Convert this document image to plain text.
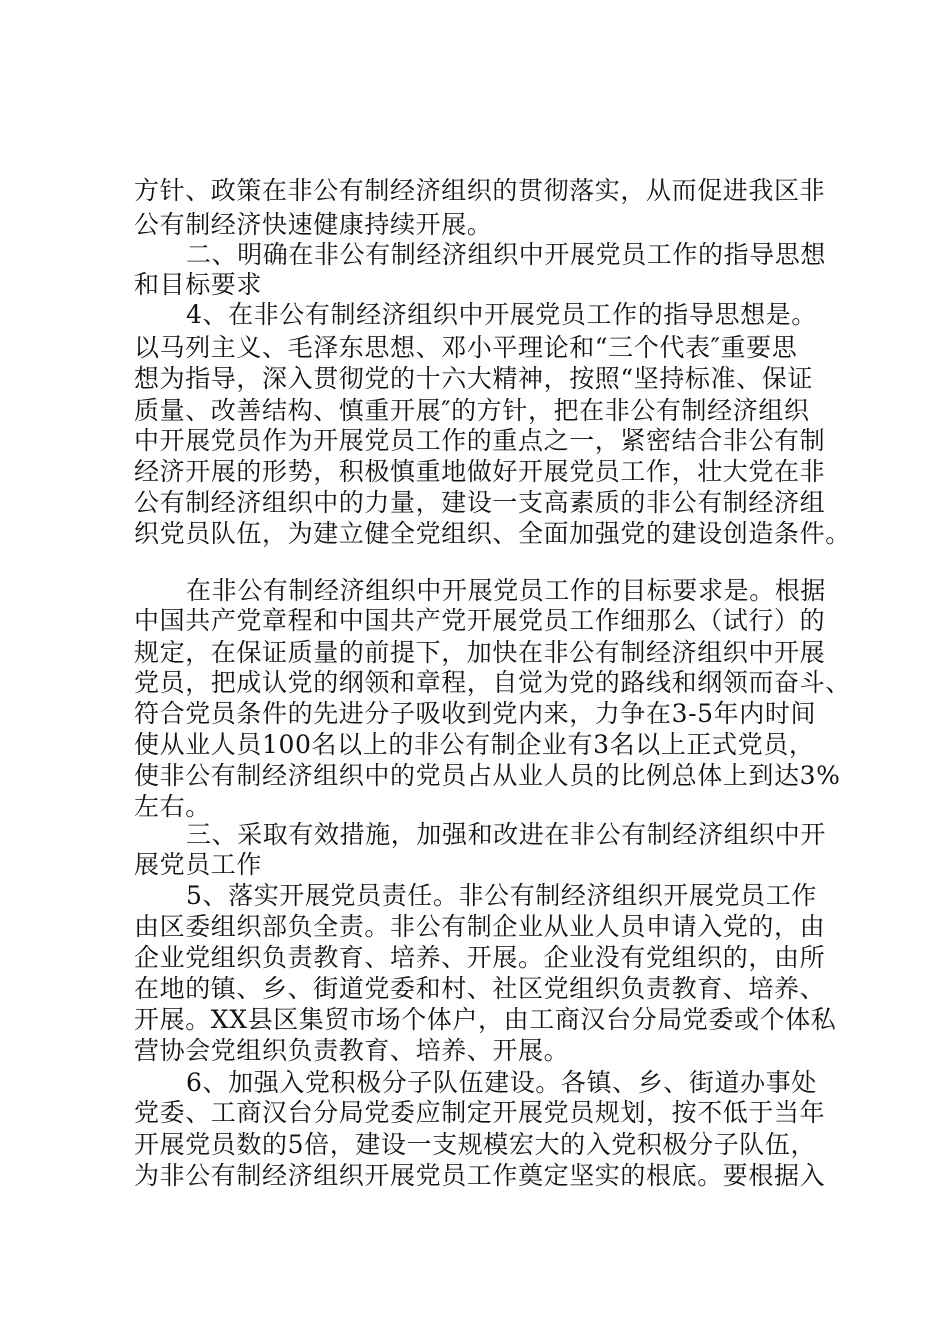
方针、政策在非公有制经济组织的贯彻落实，从而促进我区非
公有制经济快速健康持续开展。
二、明确在非公有制经济组织中开展党员工作的指导思想
和目标要求
4、在非公有制经济组织中开展党员工作的指导思想是。
以马列主义、毛泽东思想、邓小平理论和“三个代表″重要思
想为指导，深入贯彻党的十六大精神，按照“坚持标准、保证
质量、改善结构、慎重开展″的方针，把在非公有制经济组织
中开展党员作为开展党员工作的重点之一，紧密结合非公有制
经济开展的形势，积极慎重地做好开展党员工作，壮大党在非
公有制经济组织中的力量，建设一支高素质的非公有制经济组
织党员队伍，为建立健全党组织、全面加强党的建设创造条件。
在非公有制经济组织中开展党员工作的目标要求是。根据
中国共产党章程和中国共产党开展党员工作细那么（试行）的
规定，在保证质量的前提下，加快在非公有制经济组织中开展
党员，把成认党的纲领和章程，自觉为党的路线和纲领而奋斗、
符合党员条件的先进分子吸收到党内来，力争在3-5年内时间
使从业人员100名以上的非公有制企业有3名以上正式党员，
使非公有制经济组织中的党员占从业人员的比例总体上到达3%
左右。
三、采取有效措施，加强和改进在非公有制经济组织中开
展党员工作
5、落实开展党员责任。非公有制经济组织开展党员工作
由区委组织部负全责。非公有制企业从业人员申请入党的，由
企业党组织负责教育、培养、开展。企业没有党组织的，由所
在地的镇、乡、街道党委和村、社区党组织负责教育、培养、
开展。XX县区集贸市场个体户，由工商汉台分局党委或个体私
营协会党组织负责教育、培养、开展。
6、加强入党积极分子队伍建设。各镇、乡、街道办事处
党委、工商汉台分局党委应制定开展党员规划，按不低于当年
开展党员数的5倍，建设一支规模宏大的入党积极分子队伍，
为非公有制经济组织开展党员工作奠定坚实的根底。要根据入
